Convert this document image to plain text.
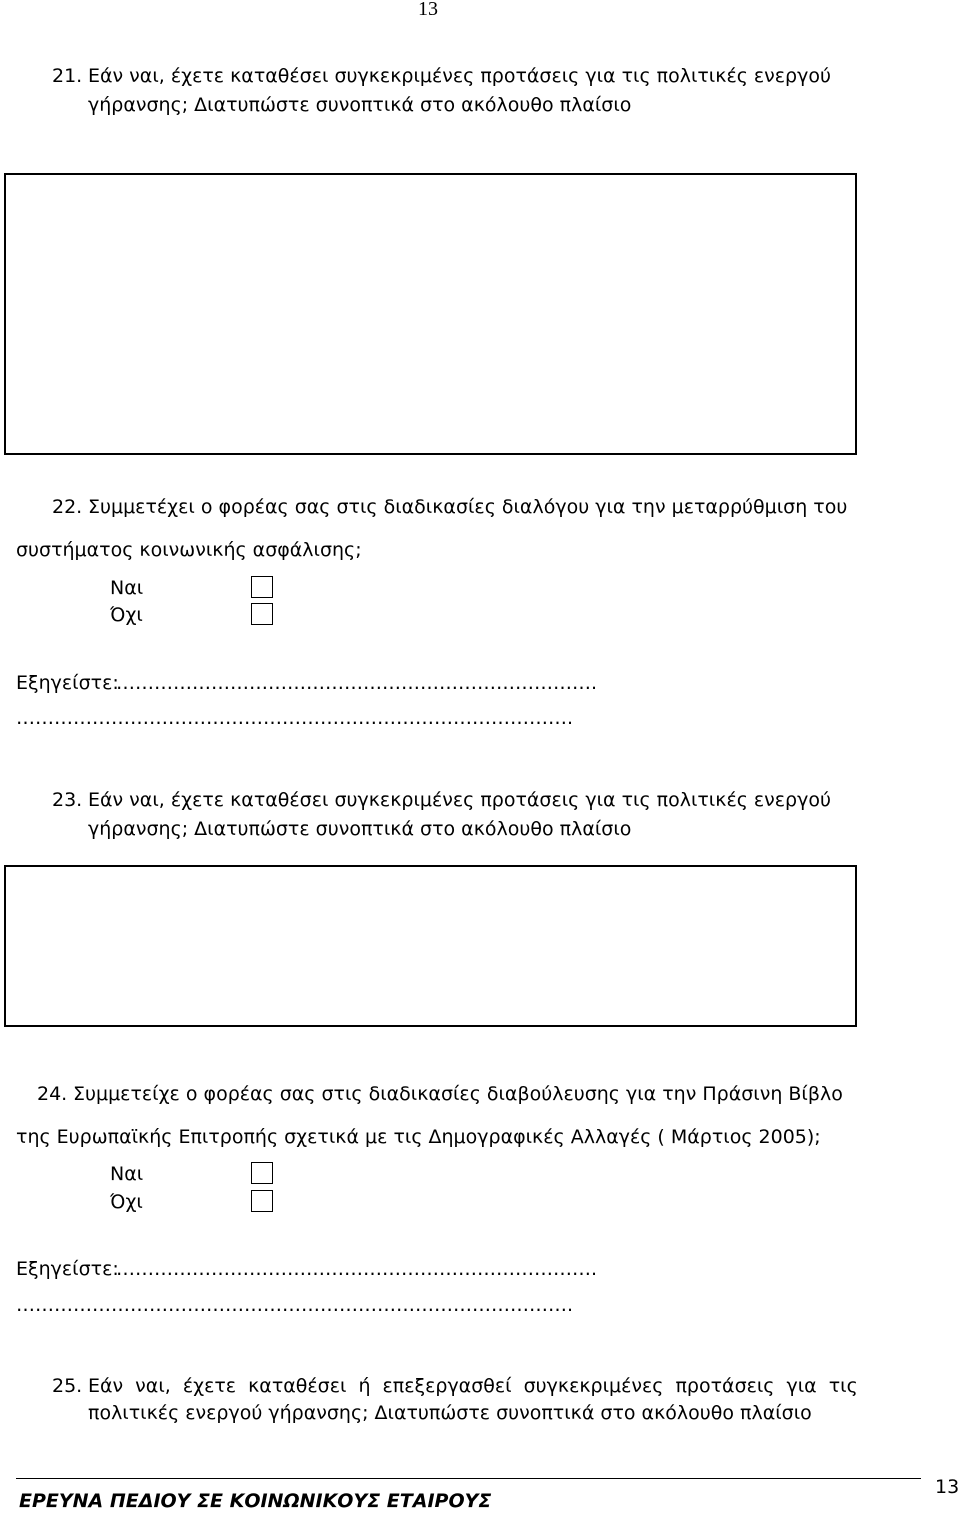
13
21. Εάν ναι, έχετε καταθέσει συγκεκριμένες προτάσεις για τις πολιτικές ενεργού
γήρανσης; Διατυπώστε συνοπτικά στο ακόλουθο πλαίσιο
22. Συμμετέχει ο φορέας σας στις διαδικασίες διαλόγου για την μεταρρύθμιση του
συστήματος κοινωνικής ασφάλισης;
Ναι
Όχι
Εξηγείστε:
………………………………………………………………….
…………………………………………………………………………….
23. Εάν ναι, έχετε καταθέσει συγκεκριμένες προτάσεις για τις πολιτικές ενεργού
γήρανσης; Διατυπώστε συνοπτικά στο ακόλουθο πλαίσιο
24. Συμμετείχε ο φορέας σας στις διαδικασίες διαβούλευσης για την Πράσινη Βίβλο
της Ευρωπαϊκής Επιτροπής σχετικά με τις Δημογραφικές Αλλαγές ( Μάρτιος 2005);
Ναι
Όχι
Εξηγείστε:
………………………………………………………………….
…………………………………………………………………………….
25. Εάν ναι, έχετε καταθέσει ή επεξεργασθεί συγκεκριμένες προτάσεις για τις
πολιτικές ενεργού γήρανσης; Διατυπώστε συνοπτικά στο ακόλουθο πλαίσιο
ΕΡΕΥΝΑ ΠΕΔΙΟΥ ΣΕ ΚΟΙΝΩΝΙΚΟΥΣ ΕΤΑΙΡΟΥΣ
13
